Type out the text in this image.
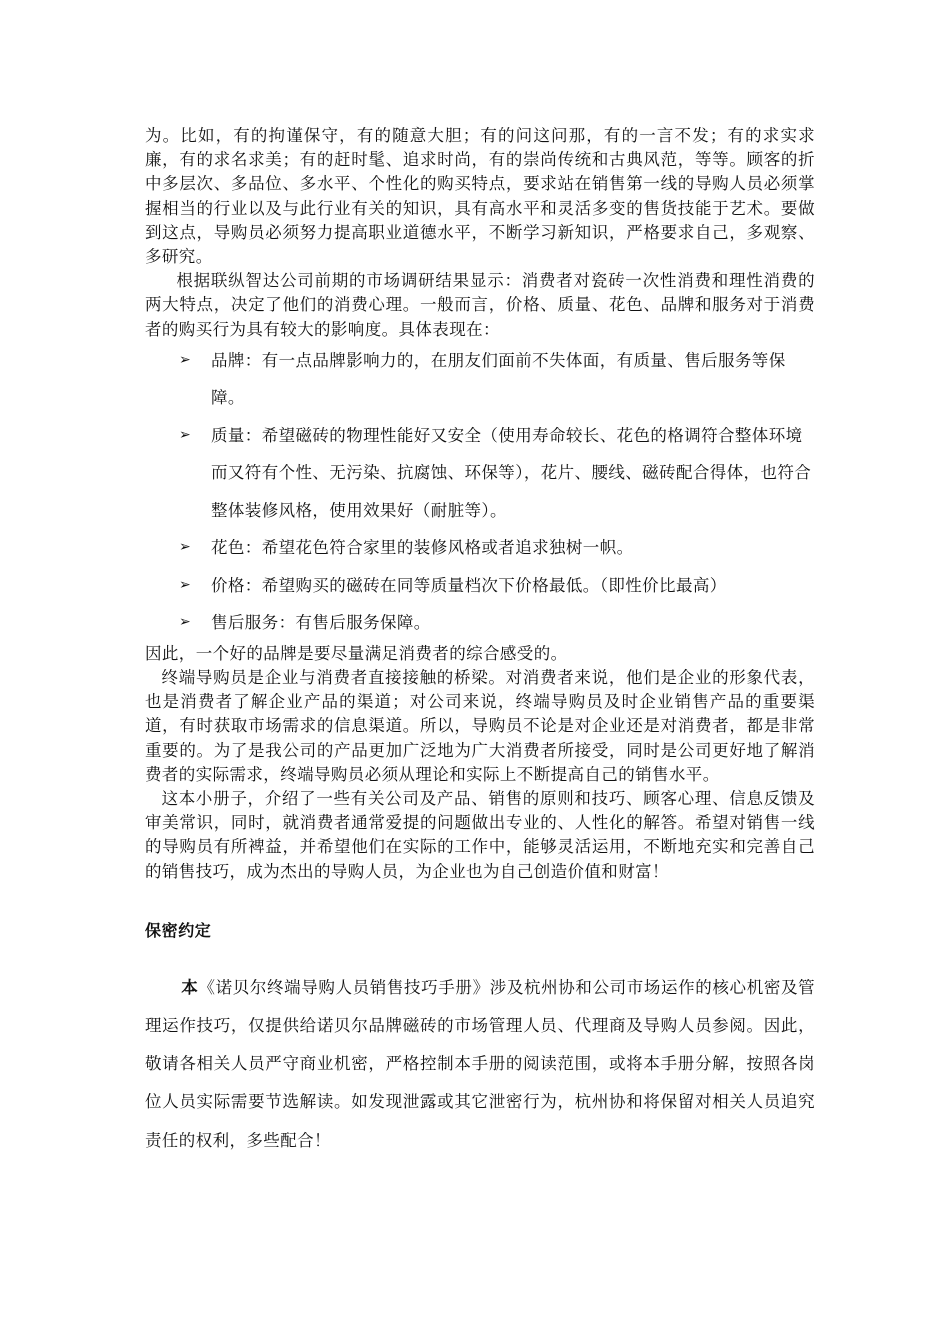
为。比如，有的拘谨保守，有的随意大胆；有的问这问那，有的一言不发；有的求实求廉，有的求名求美；有的赶时髦、追求时尚，有的崇尚传统和古典风范，等等。顾客的折中多层次、多品位、多水平、个性化的购买特点，要求站在销售第一线的导购人员必须掌握相当的行业以及与此行业有关的知识，具有高水平和灵活多变的售货技能于艺术。要做到这点，导购员必须努力提高职业道德水平，不断学习新知识，严格要求自己，多观察、多研究。

根据联纵智达公司前期的市场调研结果显示：消费者对瓷砖一次性消费和理性消费的两大特点，决定了他们的消费心理。一般而言，价格、质量、花色、品牌和服务对于消费者的购买行为具有较大的影响度。具体表现在：

➢ 品牌：有一点品牌影响力的，在朋友们面前不失体面，有质量、售后服务等保障。
➢ 质量：希望磁砖的物理性能好又安全（使用寿命较长、花色的格调符合整体环境而又符有个性、无污染、抗腐蚀、环保等），花片、腰线、磁砖配合得体，也符合整体装修风格，使用效果好（耐脏等）。
➢ 花色：希望花色符合家里的装修风格或者追求独树一帜。
➢ 价格：希望购买的磁砖在同等质量档次下价格最低。（即性价比最高）
➢ 售后服务：有售后服务保障。

因此，一个好的品牌是要尽量满足消费者的综合感受的。

终端导购员是企业与消费者直接接触的桥梁。对消费者来说，他们是企业的形象代表，也是消费者了解企业产品的渠道；对公司来说，终端导购员及时企业销售产品的重要渠道，有时获取市场需求的信息渠道。所以，导购员不论是对企业还是对消费者，都是非常重要的。为了是我公司的产品更加广泛地为广大消费者所接受，同时是公司更好地了解消费者的实际需求，终端导购员必须从理论和实际上不断提高自己的销售水平。

这本小册子，介绍了一些有关公司及产品、销售的原则和技巧、顾客心理、信息反馈及审美常识，同时，就消费者通常爱提的问题做出专业的、人性化的解答。希望对销售一线的导购员有所裨益，并希望他们在实际的工作中，能够灵活运用，不断地充实和完善自己的销售技巧，成为杰出的导购人员，为企业也为自己创造价值和财富！

保密约定

本《诺贝尔终端导购人员销售技巧手册》涉及杭州协和公司市场运作的核心机密及管理运作技巧，仅提供给诺贝尔品牌磁砖的市场管理人员、代理商及导购人员参阅。因此，敬请各相关人员严守商业机密，严格控制本手册的阅读范围，或将本手册分解，按照各岗位人员实际需要节选解读。如发现泄露或其它泄密行为，杭州协和将保留对相关人员追究责任的权利，多些配合！
